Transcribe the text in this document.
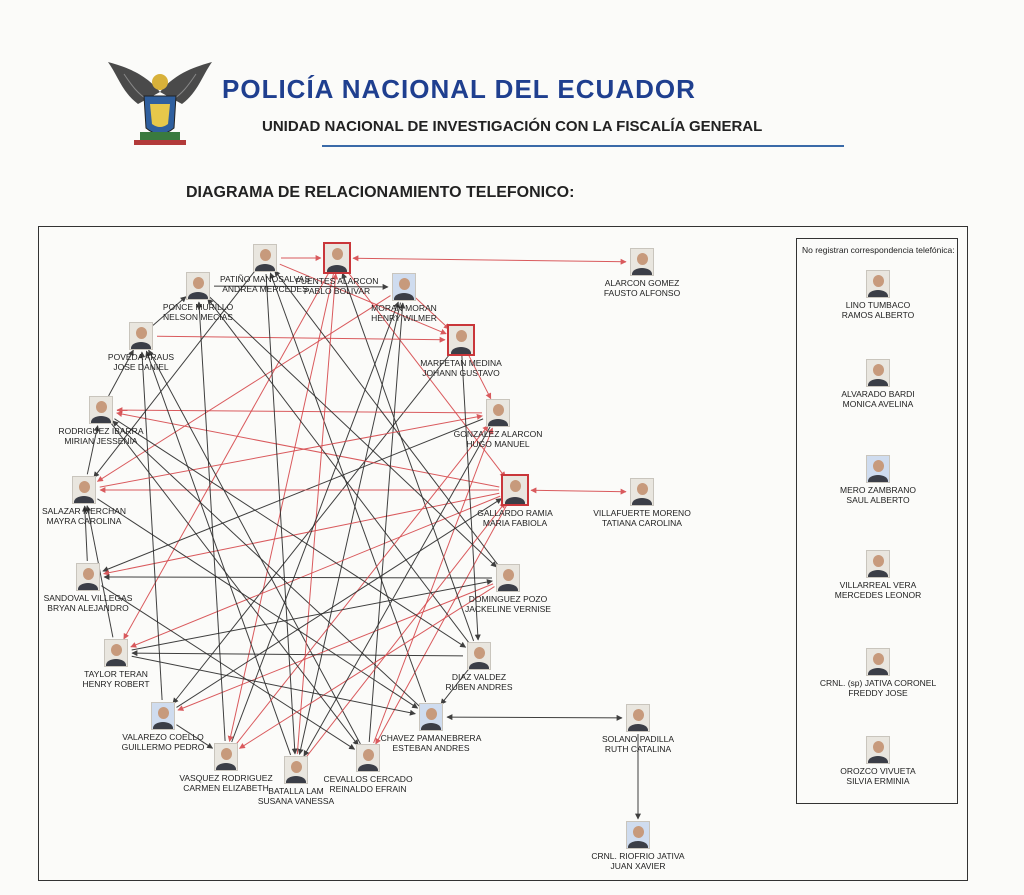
POLICÍA NACIONAL DEL ECUADOR
UNIDAD NACIONAL DE INVESTIGACIÓN CON LA FISCALÍA GENERAL
DIAGRAMA DE RELACIONAMIENTO TELEFONICO:
No registran correspondencia telefónica:
PATIÑO MANOSALVAS
ANDREA MERCEDES
FUENTES ALARCON
PABLO BOLIVAR
MORAN MORAN
HENRY WILMER
MARFETAN MEDINA
JOHANN GUSTAVO
GONZALEZ ALARCON
HUGO MANUEL
GALLARDO RAMIA
MARIA FABIOLA
DOMINGUEZ POZO
JACKELINE VERNISE
DIAZ VALDEZ
RUBEN ANDRES
CHAVEZ PAMANEBRERA
ESTEBAN ANDRES
CEVALLOS CERCADO
REINALDO EFRAIN
BATALLA LAM
SUSANA VANESSA
VASQUEZ RODRIGUEZ
CARMEN ELIZABETH
VALAREZO COELLO
GUILLERMO PEDRO
TAYLOR TERAN
HENRY ROBERT
SANDOVAL VILLEGAS
BRYAN ALEJANDRO
SALAZAR MERCHAN
MAYRA CAROLINA
RODRIGUEZ IBARRA
MIRIAN JESSENIA
POVEDA ARAUS
JOSE DANIEL
PONCE MURILLO
NELSON MECIAS
ALARCON GOMEZ
FAUSTO ALFONSO
VILLAFUERTE MORENO
TATIANA CAROLINA
SOLANO PADILLA
RUTH CATALINA
CRNL. RIOFRIO JATIVA
JUAN XAVIER
LINO TUMBACO
RAMOS ALBERTO
ALVARADO BARDI
MONICA AVELINA
MERO ZAMBRANO
SAUL ALBERTO
VILLARREAL VERA
MERCEDES LEONOR
CRNL. (sp) JATIVA CORONEL
FREDDY JOSE
OROZCO VIVUETA
SILVIA ERMINIA
